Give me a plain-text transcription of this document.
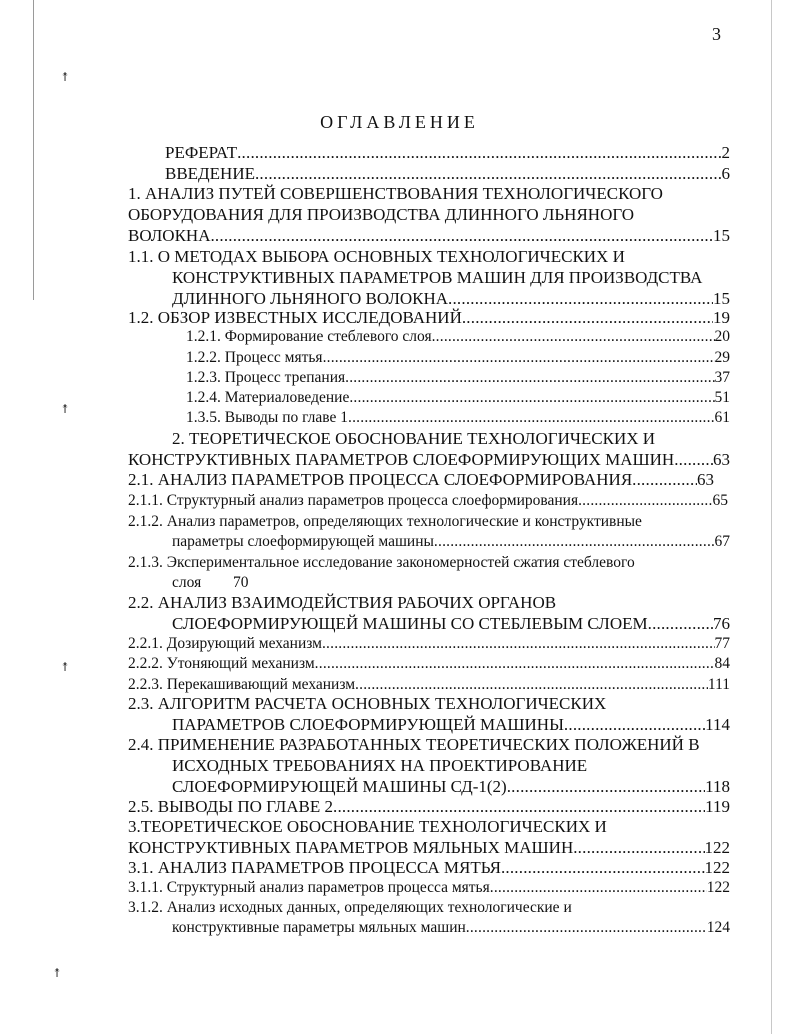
↟
↟
↟
↟
3
ОГЛАВЛЕНИЕ
РЕФЕРАТ .....	2
ВВЕДЕНИЕ .....	6
1. АНАЛИЗ ПУТЕЙ СОВЕРШЕНСТВОВАНИЯ ТЕХНОЛОГИЧЕСКОГО
ОБОРУДОВАНИЯ ДЛЯ ПРОИЗВОДСТВА ДЛИННОГО ЛЬНЯНОГО
ВОЛОКНА .....	15
1.1. О МЕТОДАХ ВЫБОРА ОСНОВНЫХ ТЕХНОЛОГИЧЕСКИХ И
КОНСТРУКТИВНЫХ ПАРАМЕТРОВ МАШИН ДЛЯ ПРОИЗВОДСТВА
ДЛИННОГО ЛЬНЯНОГО ВОЛОКНА .....	15
1.2. ОБЗОР ИЗВЕСТНЫХ ИССЛЕДОВАНИЙ .....	19
1.2.1. Формирование стеблевого слоя .....	20
1.2.2. Процесс мятья .....	29
1.2.3. Процесс трепания .....	37
1.2.4. Материаловедение .....	51
1.3.5. Выводы по главе 1 .....	61
2. ТЕОРЕТИЧЕСКОЕ ОБОСНОВАНИЕ ТЕХНОЛОГИЧЕСКИХ И
КОНСТРУКТИВНЫХ ПАРАМЕТРОВ СЛОЕФОРМИРУЮЩИХ МАШИН ..... 63
2.1. АНАЛИЗ ПАРАМЕТРОВ ПРОЦЕССА СЛОЕФОРМИРОВАНИЯ .....	63
2.1.1. Структурный анализ параметров процесса слоеформирования .....	65
2.1.2. Анализ параметров, определяющих технологические и конструктивные
параметры слоеформирующей машины .....	67
2.1.3. Экспериментальное исследование закономерностей сжатия стеблевого
слоя 70
2.2. АНАЛИЗ ВЗАИМОДЕЙСТВИЯ РАБОЧИХ ОРГАНОВ
СЛОЕФОРМИРУЮЩЕЙ МАШИНЫ СО СТЕБЛЕВЫМ СЛОЕМ .....	76
2.2.1. Дозирующий механизм .....	77
2.2.2. Утоняющий механизм .....	84
2.2.3. Перекашивающий механизм .....	111
2.3. АЛГОРИТМ РАСЧЕТА ОСНОВНЫХ ТЕХНОЛОГИЧЕСКИХ
ПАРАМЕТРОВ СЛОЕФОРМИРУЮЩЕЙ МАШИНЫ .....	114
2.4. ПРИМЕНЕНИЕ РАЗРАБОТАННЫХ ТЕОРЕТИЧЕСКИХ ПОЛОЖЕНИЙ В
ИСХОДНЫХ ТРЕБОВАНИЯХ НА ПРОЕКТИРОВАНИЕ
СЛОЕФОРМИРУЮЩЕЙ МАШИНЫ СД-1(2) .....	118
2.5. ВЫВОДЫ ПО ГЛАВЕ 2 .....	119
3.ТЕОРЕТИЧЕСКОЕ ОБОСНОВАНИЕ ТЕХНОЛОГИЧЕСКИХ И
КОНСТРУКТИВНЫХ ПАРАМЕТРОВ МЯЛЬНЫХ МАШИН .....	122
3.1. АНАЛИЗ ПАРАМЕТРОВ ПРОЦЕССА МЯТЬЯ .....	122
3.1.1. Структурный анализ параметров процесса мятья .....	122
3.1.2. Анализ исходных данных, определяющих технологические и
конструктивные параметры мяльных машин .....	124
